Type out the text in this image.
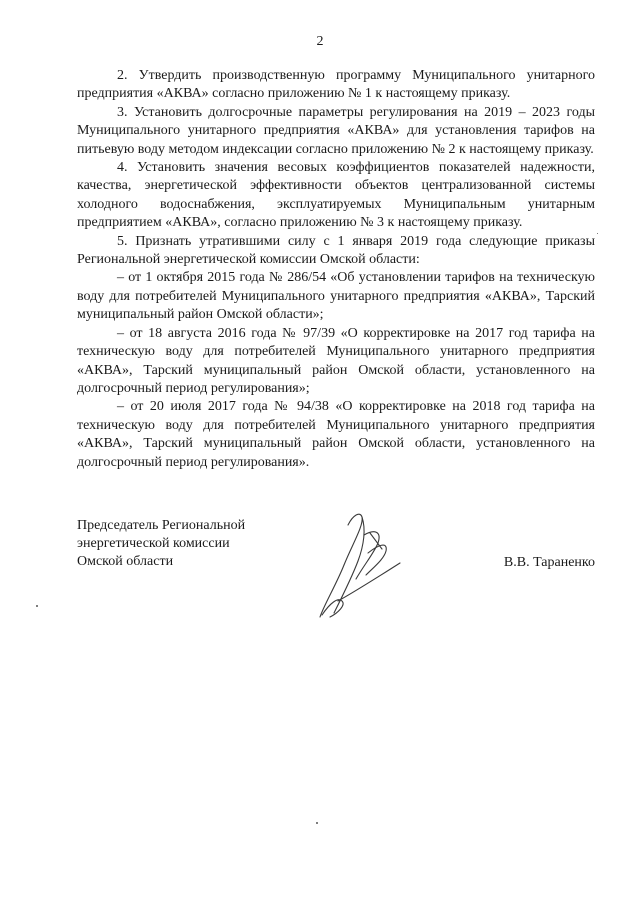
2

2. Утвердить производственную программу Муниципального унитарного предприятия «АКВА» согласно приложению № 1 к настоящему приказу.

3. Установить долгосрочные параметры регулирования на 2019 – 2023 годы Муниципального унитарного предприятия «АКВА» для установления тарифов на питьевую воду методом индексации согласно приложению № 2 к настоящему приказу.

4. Установить значения весовых коэффициентов показателей надежности, качества, энергетической эффективности объектов централизованной системы холодного водоснабжения, эксплуатируемых Муниципальным унитарным предприятием «АКВА», согласно приложению № 3 к настоящему приказу.

5. Признать утратившими силу с 1 января 2019 года следующие приказы Региональной энергетической комиссии Омской области:

– от 1 октября 2015 года № 286/54 «Об установлении тарифов на техническую воду для потребителей Муниципального унитарного предприятия «АКВА», Тарский муниципальный район Омской области»;

– от 18 августа 2016 года № 97/39 «О корректировке на 2017 год тарифа на техническую воду для потребителей Муниципального унитарного предприятия «АКВА», Тарский муниципальный район Омской области, установленного на долгосрочный период регулирования»;

– от 20 июля 2017 года № 94/38 «О корректировке на 2018 год тарифа на техническую воду для потребителей Муниципального унитарного предприятия «АКВА», Тарский муниципальный район Омской области, установленного на долгосрочный период регулирования».

Председатель Региональной
энергетической комиссии
Омской области	В.В. Тараненко
